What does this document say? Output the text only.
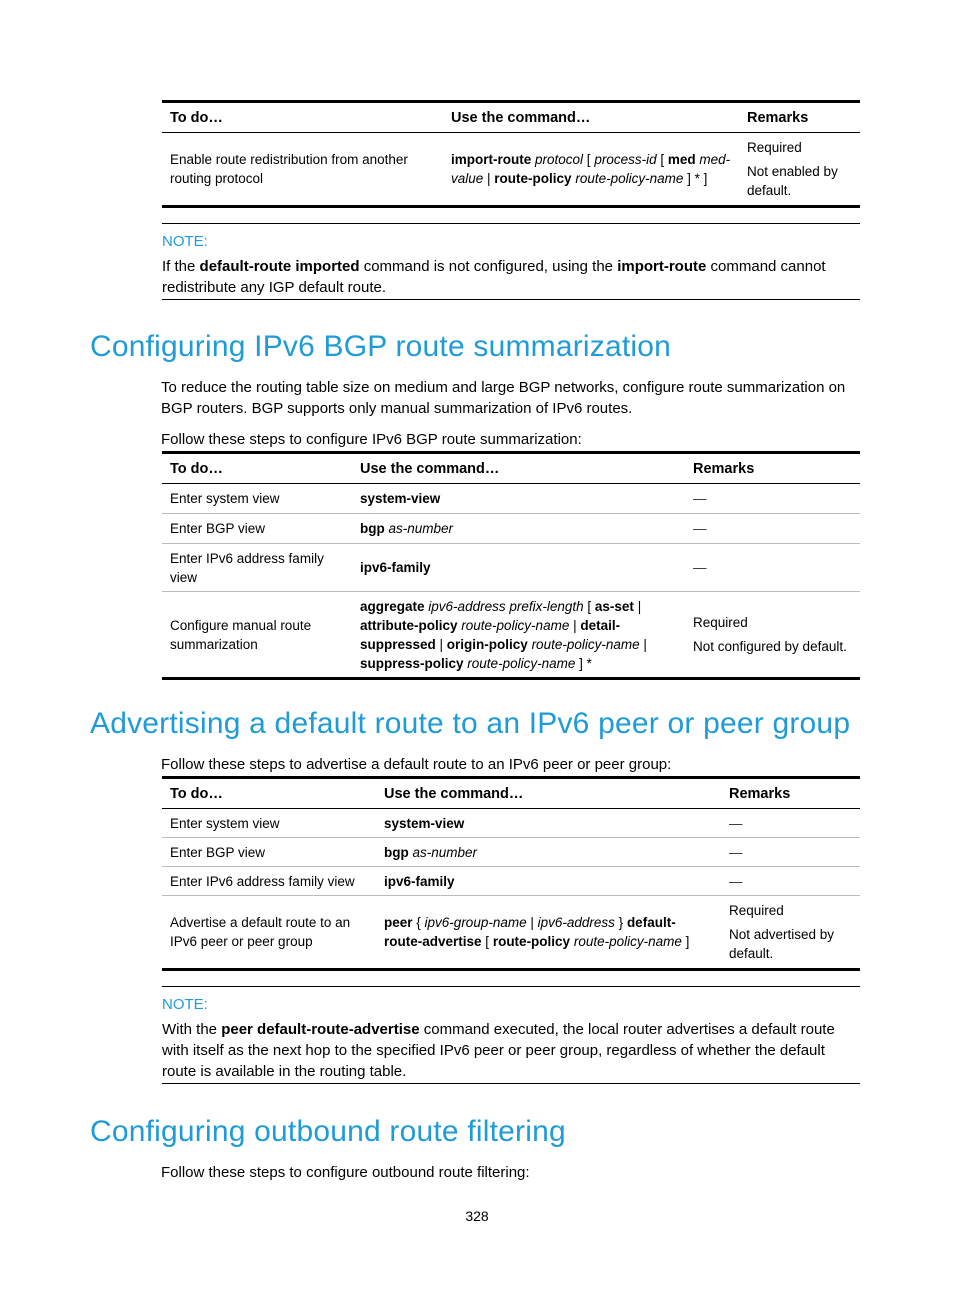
To do…	Use the command…	Remarks
Enable route redistribution from another routing protocol	import-route protocol [ process-id [ med med-value | route-policy route-policy-name ] * ]	Required

Not enabled by default.

NOTE:
If the default-route imported command is not configured, using the import-route command cannot redistribute any IGP default route.
Configuring IPv6 BGP route summarization
To reduce the routing table size on medium and large BGP networks, configure route summarization on BGP routers. BGP supports only manual summarization of IPv6 routes.
Follow these steps to configure IPv6 BGP route summarization:
To do…	Use the command…	Remarks
Enter system view	system-view	—

Enter BGP view	bgp as-number	—

Enter IPv6 address family view	ipv6-family	—

Configure manual route summarization	aggregate ipv6-address prefix-length [ as-set | attribute-policy route-policy-name | detail-suppressed | origin-policy route-policy-name | suppress-policy route-policy-name ] *	Required

Not configured by default.

Advertising a default route to an IPv6 peer or peer group
Follow these steps to advertise a default route to an IPv6 peer or peer group:
To do…	Use the command…	Remarks
Enter system view	system-view	—

Enter BGP view	bgp as-number	—

Enter IPv6 address family view	ipv6-family	—

Advertise a default route to an IPv6 peer or peer group	peer { ipv6-group-name | ipv6-address } default-route-advertise [ route-policy route-policy-name ]	Required

Not advertised by default.

NOTE:
With the peer default-route-advertise command executed, the local router advertises a default route with itself as the next hop to the specified IPv6 peer or peer group, regardless of whether the default route is available in the routing table.
Configuring outbound route filtering
Follow these steps to configure outbound route filtering:
328
